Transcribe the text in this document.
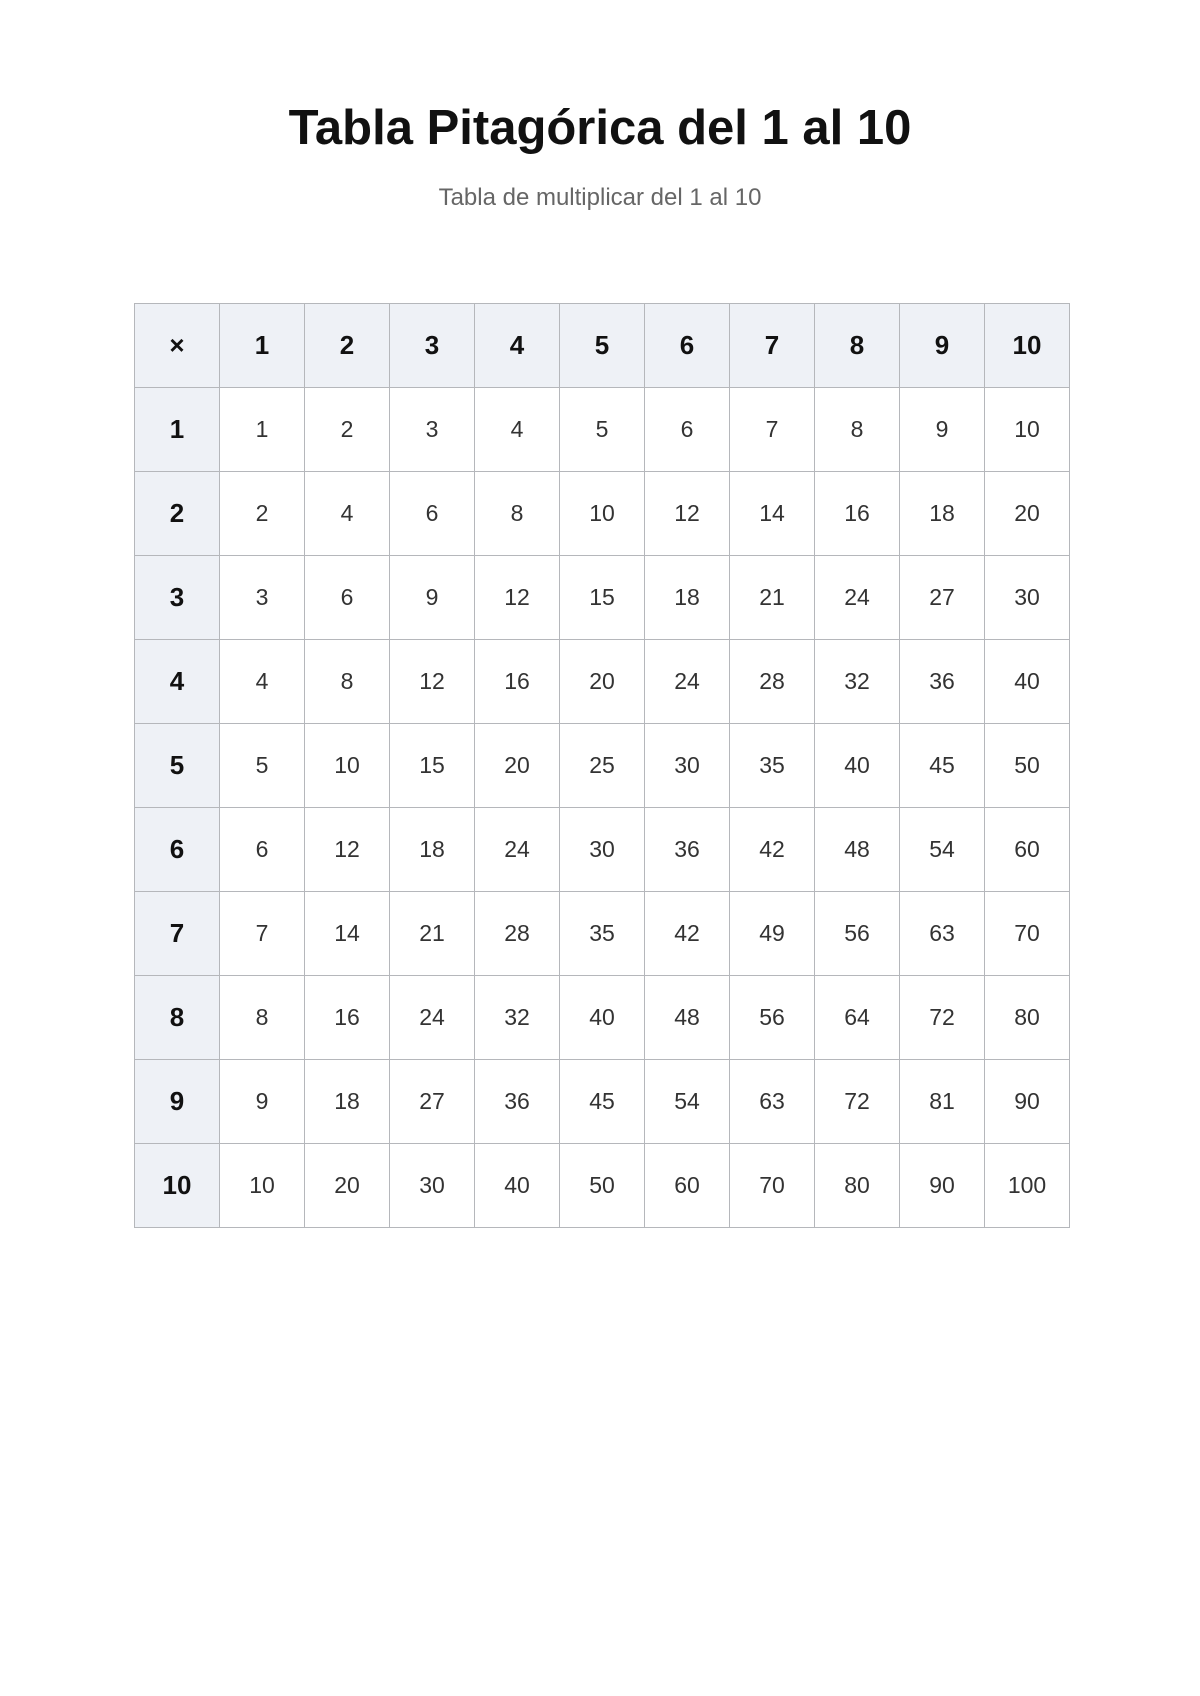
Tabla Pitagórica del 1 al 10

Tabla de multiplicar del 1 al 10

×	1	2	3	4	5	6	7	8	9	10
1	1	2	3	4	5	6	7	8	9	10
2	2	4	6	8	10	12	14	16	18	20
3	3	6	9	12	15	18	21	24	27	30
4	4	8	12	16	20	24	28	32	36	40
5	5	10	15	20	25	30	35	40	45	50
6	6	12	18	24	30	36	42	48	54	60
7	7	14	21	28	35	42	49	56	63	70
8	8	16	24	32	40	48	56	64	72	80
9	9	18	27	36	45	54	63	72	81	90
10	10	20	30	40	50	60	70	80	90	100
